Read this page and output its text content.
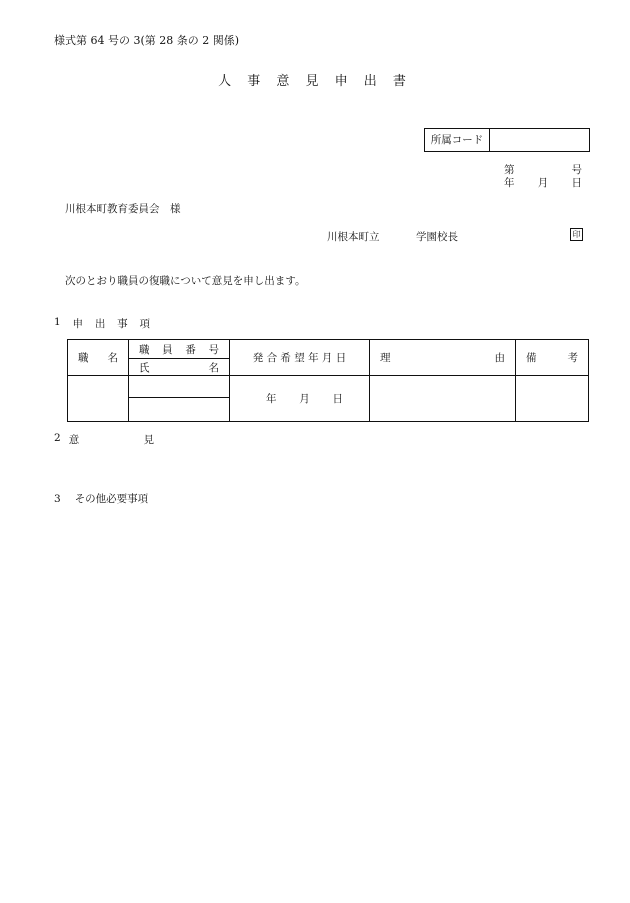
様式第 64 号の 3(第 28 条の 2 関係)
人 事 意 見 申 出 書
所属コード
第	号
年 月 日
川根本町教育委員会　様
川根本町立	学園校長	印
次のとおり職員の復職について意見を申し出ます。
1 申 出 事 項
職 名	職 員 番 号	発 合 希 望 年 月 日	理 由	備 考

	氏 名			

		年 月 日		

2 意	見
3 その他必要事項
